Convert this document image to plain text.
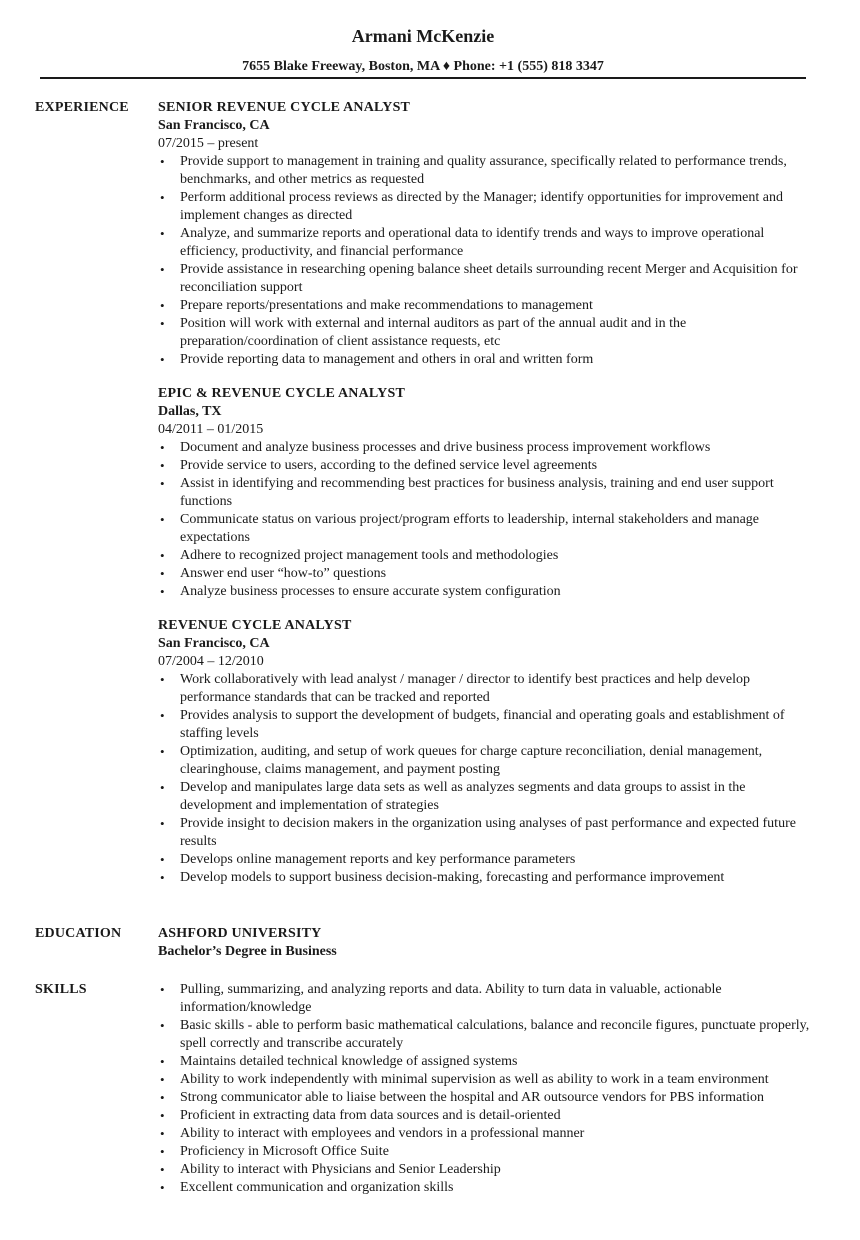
Armani McKenzie
7655 Blake Freeway, Boston, MA ♦ Phone: +1 (555) 818 3347
EXPERIENCE SENIOR REVENUE CYCLE ANALYST
San Francisco, CA
07/2015 – present
• Provide support to management in training and quality assurance, specifically related to performance trends, benchmarks, and other metrics as requested
• Perform additional process reviews as directed by the Manager; identify opportunities for improvement and implement changes as directed
• Analyze, and summarize reports and operational data to identify trends and ways to improve operational efficiency, productivity, and financial performance
• Provide assistance in researching opening balance sheet details surrounding recent Merger and Acquisition for reconciliation support
• Prepare reports/presentations and make recommendations to management
• Position will work with external and internal auditors as part of the annual audit and in the preparation/coordination of client assistance requests, etc
• Provide reporting data to management and others in oral and written form
EPIC & REVENUE CYCLE ANALYST
Dallas, TX
04/2011 – 01/2015
• Document and analyze business processes and drive business process improvement workflows
• Provide service to users, according to the defined service level agreements
• Assist in identifying and recommending best practices for business analysis, training and end user support functions
• Communicate status on various project/program efforts to leadership, internal stakeholders and manage expectations
• Adhere to recognized project management tools and methodologies
• Answer end user “how-to” questions
• Analyze business processes to ensure accurate system configuration
REVENUE CYCLE ANALYST
San Francisco, CA
07/2004 – 12/2010
• Work collaboratively with lead analyst / manager / director to identify best practices and help develop performance standards that can be tracked and reported
• Provides analysis to support the development of budgets, financial and operating goals and establishment of staffing levels
• Optimization, auditing, and setup of work queues for charge capture reconciliation, denial management, clearinghouse, claims management, and payment posting
• Develop and manipulates large data sets as well as analyzes segments and data groups to assist in the development and implementation of strategies
• Provide insight to decision makers in the organization using analyses of past performance and expected future results
• Develops online management reports and key performance parameters
• Develop models to support business decision-making, forecasting and performance improvement
EDUCATION	ASHFORD UNIVERSITY
Bachelor’s Degree in Business
SKILLS	• Pulling, summarizing, and analyzing reports and data. Ability to turn data in valuable, actionable information/knowledge
• Basic skills - able to perform basic mathematical calculations, balance and reconcile figures, punctuate properly, spell correctly and transcribe accurately
• Maintains detailed technical knowledge of assigned systems
• Ability to work independently with minimal supervision as well as ability to work in a team environment
• Strong communicator able to liaise between the hospital and AR outsource vendors for PBS information
• Proficient in extracting data from data sources and is detail-oriented
• Ability to interact with employees and vendors in a professional manner
• Proficiency in Microsoft Office Suite
• Ability to interact with Physicians and Senior Leadership
• Excellent communication and organization skills
